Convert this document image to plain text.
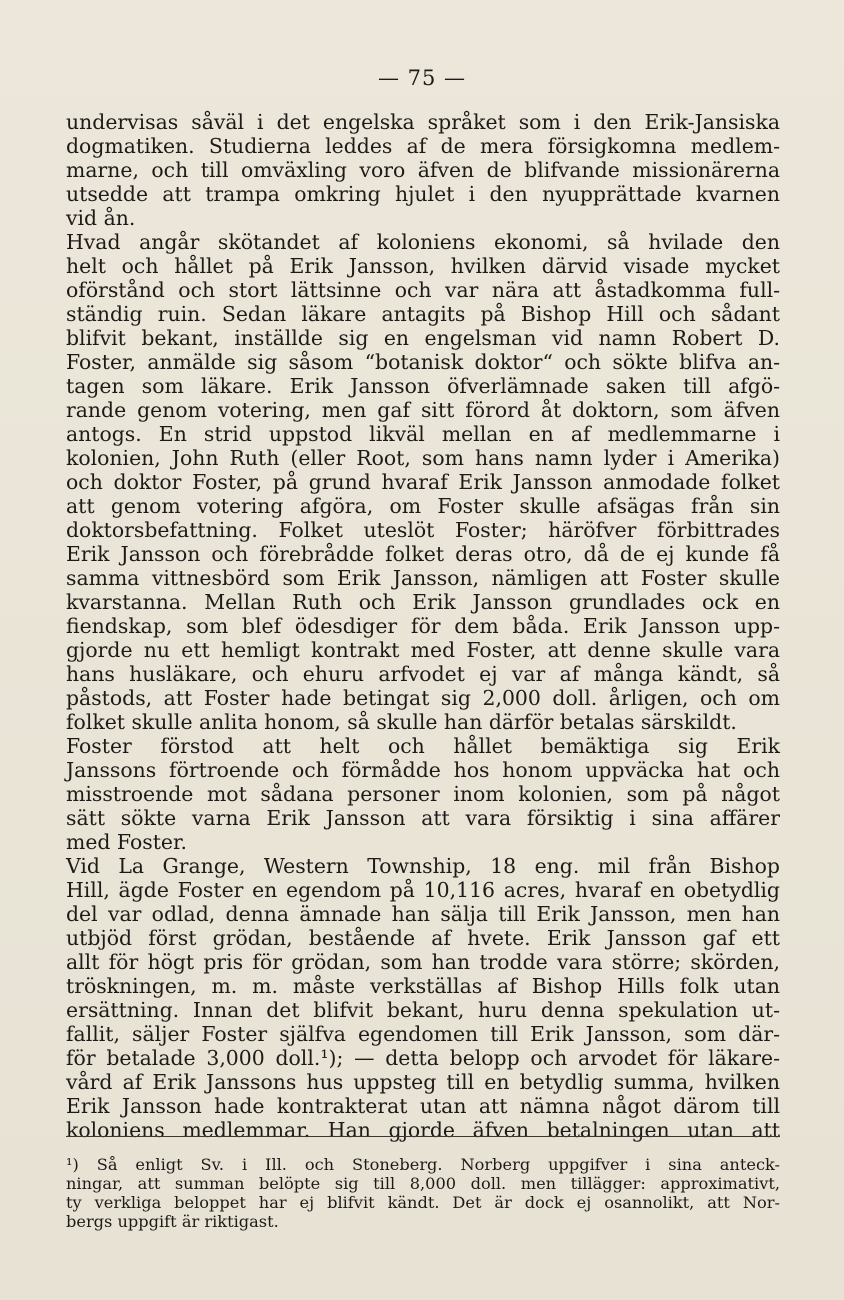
— 75 —
undervisas såväl i det engelska språket som i den Erik-Jansiska
dogmatiken. Studierna leddes af de mera försigkomna medlem-
marne, och till omväxling voro äfven de blifvande missionärerna
utsedde att trampa omkring hjulet i den nyupprättade kvarnen
vid ån.
Hvad angår skötandet af koloniens ekonomi, så hvilade den
helt och hållet på Erik Jansson, hvilken därvid visade mycket
oförstånd och stort lättsinne och var nära att åstadkomma full-
ständig ruin. Sedan läkare antagits på Bishop Hill och sådant
blifvit bekant, inställde sig en engelsman vid namn Robert D.
Foster, anmälde sig såsom “botanisk doktor“ och sökte blifva an-
tagen som läkare. Erik Jansson öfverlämnade saken till afgö-
rande genom votering, men gaf sitt förord åt doktorn, som äfven
antogs. En strid uppstod likväl mellan en af medlemmarne i
kolonien, John Ruth (eller Root, som hans namn lyder i Amerika)
och doktor Foster, på grund hvaraf Erik Jansson anmodade folket
att genom votering afgöra, om Foster skulle afsägas från sin
doktorsbefattning. Folket uteslöt Foster; häröfver förbittrades
Erik Jansson och förebrådde folket deras otro, då de ej kunde få
samma vittnesbörd som Erik Jansson, nämligen att Foster skulle
kvarstanna. Mellan Ruth och Erik Jansson grundlades ock en
fiendskap, som blef ödesdiger för dem båda. Erik Jansson upp-
gjorde nu ett hemligt kontrakt med Foster, att denne skulle vara
hans husläkare, och ehuru arfvodet ej var af många kändt, så
påstods, att Foster hade betingat sig 2,000 doll. årligen, och om
folket skulle anlita honom, så skulle han därför betalas särskildt.
Foster förstod att helt och hållet bemäktiga sig Erik
Janssons förtroende och förmådde hos honom uppväcka hat och
misstroende mot sådana personer inom kolonien, som på något
sätt sökte varna Erik Jansson att vara försiktig i sina affärer
med Foster.
Vid La Grange, Western Township, 18 eng. mil från Bishop
Hill, ägde Foster en egendom på 10,116 acres, hvaraf en obetydlig
del var odlad, denna ämnade han sälja till Erik Jansson, men han
utbjöd först grödan, bestående af hvete. Erik Jansson gaf ett
allt för högt pris för grödan, som han trodde vara större; skörden,
tröskningen, m. m. måste verkställas af Bishop Hills folk utan
ersättning. Innan det blifvit bekant, huru denna spekulation ut-
fallit, säljer Foster själfva egendomen till Erik Jansson, som där-
för betalade 3,000 doll.¹); — detta belopp och arvodet för läkare-
vård af Erik Janssons hus uppsteg till en betydlig summa, hvilken
Erik Jansson hade kontrakterat utan att nämna något därom till
koloniens medlemmar. Han gjorde äfven betalningen utan att
¹) Så enligt Sv. i Ill. och Stoneberg. Norberg uppgifver i sina anteck-
ningar, att summan belöpte sig till 8,000 doll. men tillägger: approximativt,
ty verkliga beloppet har ej blifvit kändt. Det är dock ej osannolikt, att Nor-
bergs uppgift är riktigast.
